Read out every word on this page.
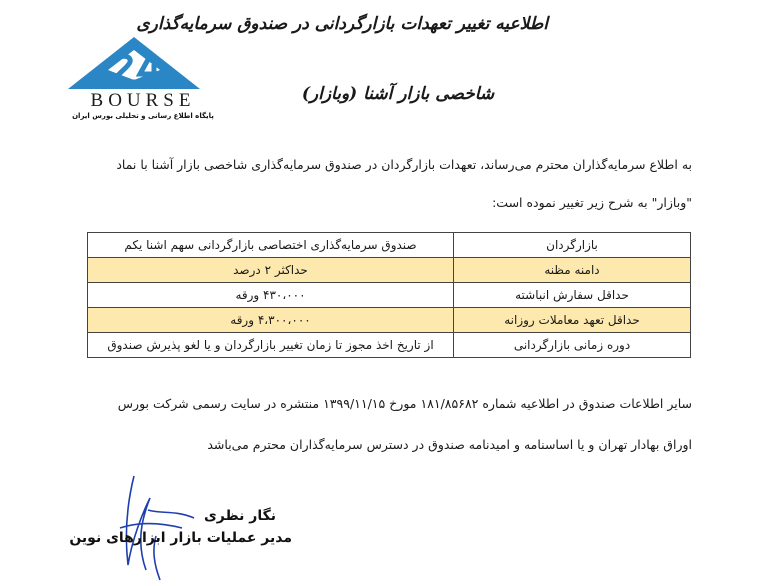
BOURSE
پایگاه اطلاع رسانی و تحلیلی بورس ایران
اطلاعیه تغییر تعهدات بازارگردانی در صندوق سرمایه‌گذاری
شاخصی بازار آشنا (وبازار)
به اطلاع سرمایه‌گذاران محترم می‌رساند، تعهدات بازارگردان در صندوق سرمایه‌گذاری شاخصی بازار آشنا با نماد
"وبازار" به شرح زیر تغییر نموده است:
بازارگردان	صندوق سرمایه‌گذاری اختصاصی بازارگردانی سهم اشنا یکم
دامنه مظنه	حداکثر ۲ درصد
حداقل سفارش انباشته	۴۳۰،۰۰۰ ورقه
حداقل تعهد معاملات روزانه	۴،۳۰۰،۰۰۰ ورقه
دوره زمانی بازارگردانی	از تاریخ اخذ مجوز تا زمان تغییر بازارگردان و یا لغو پذیرش صندوق
سایر اطلاعات صندوق در اطلاعیه شماره ۱۸۱/۸۵۶۸۲ مورخ ۱۳۹۹/۱۱/۱۵ منتشره در سایت رسمی شرکت بورس
اوراق بهادار تهران و یا اساسنامه و امیدنامه صندوق در دسترس سرمایه‌گذاران محترم می‌باشد
نگار نظری
مدیر عملیات بازار ابزارهای نوین
